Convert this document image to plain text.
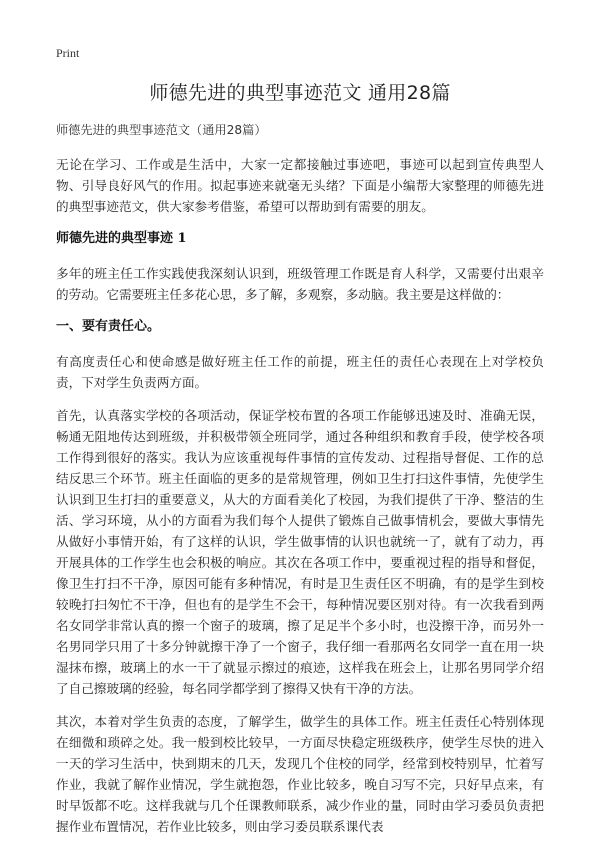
Print
师德先进的典型事迹范文 通用28篇
师德先进的典型事迹范文（通用28篇）
无论在学习、工作或是生活中，大家一定都接触过事迹吧，事迹可以起到宣传典型人物、引导良好风气的作用。拟起事迹来就毫无头绪？下面是小编帮大家整理的师德先进的典型事迹范文，供大家参考借鉴，希望可以帮助到有需要的朋友。
师德先进的典型事迹 1
多年的班主任工作实践使我深刻认识到，班级管理工作既是育人科学，又需要付出艰辛的劳动。它需要班主任多花心思，多了解，多观察，多动脑。我主要是这样做的：
一、要有责任心。
有高度责任心和使命感是做好班主任工作的前提，班主任的责任心表现在上对学校负责，下对学生负责两方面。
首先，认真落实学校的各项活动，保证学校布置的各项工作能够迅速及时、准确无误，畅通无阻地传达到班级，并积极带领全班同学，通过各种组织和教育手段，使学校各项工作得到很好的落实。我认为应该重视每件事情的宣传发动、过程指导督促、工作的总结反思三个环节。班主任面临的更多的是常规管理，例如卫生打扫这件事情，先使学生认识到卫生打扫的重要意义，从大的方面看美化了校园，为我们提供了干净、整洁的生活、学习环境，从小的方面看为我们每个人提供了锻炼自己做事情机会，要做大事情先从做好小事情开始，有了这样的认识，学生做事情的认识也就统一了，就有了动力，再开展具体的工作学生也会积极的响应。其次在各项工作中，要重视过程的指导和督促，像卫生打扫不干净，原因可能有多种情况，有时是卫生责任区不明确，有的是学生到校较晚打扫匆忙不干净，但也有的是学生不会干，每种情况要区别对待。有一次我看到两名女同学非常认真的擦一个窗子的玻璃，擦了足足半个多小时，也没擦干净，而另外一名男同学只用了十多分钟就擦干净了一个窗子，我仔细一看那两名女同学一直在用一块湿抹布擦，玻璃上的水一干了就显示擦过的痕迹，这样我在班会上，让那名男同学介绍了自己擦玻璃的经验，每名同学都学到了擦得又快有干净的方法。
其次，本着对学生负责的态度，了解学生，做学生的具体工作。班主任责任心特别体现在细微和琐碎之处。我一般到校比较早，一方面尽快稳定班级秩序，使学生尽快的进入一天的学习生活中，快到期末的几天，发现几个住校的同学，经常到校特别早，忙着写作业，我就了解作业情况，学生就抱怨，作业比较多，晚自习写不完，只好早点来，有时早饭都不吃。这样我就与几个任课教师联系，减少作业的量，同时由学习委员负责把握作业布置情况，若作业比较多，则由学习委员联系课代表
